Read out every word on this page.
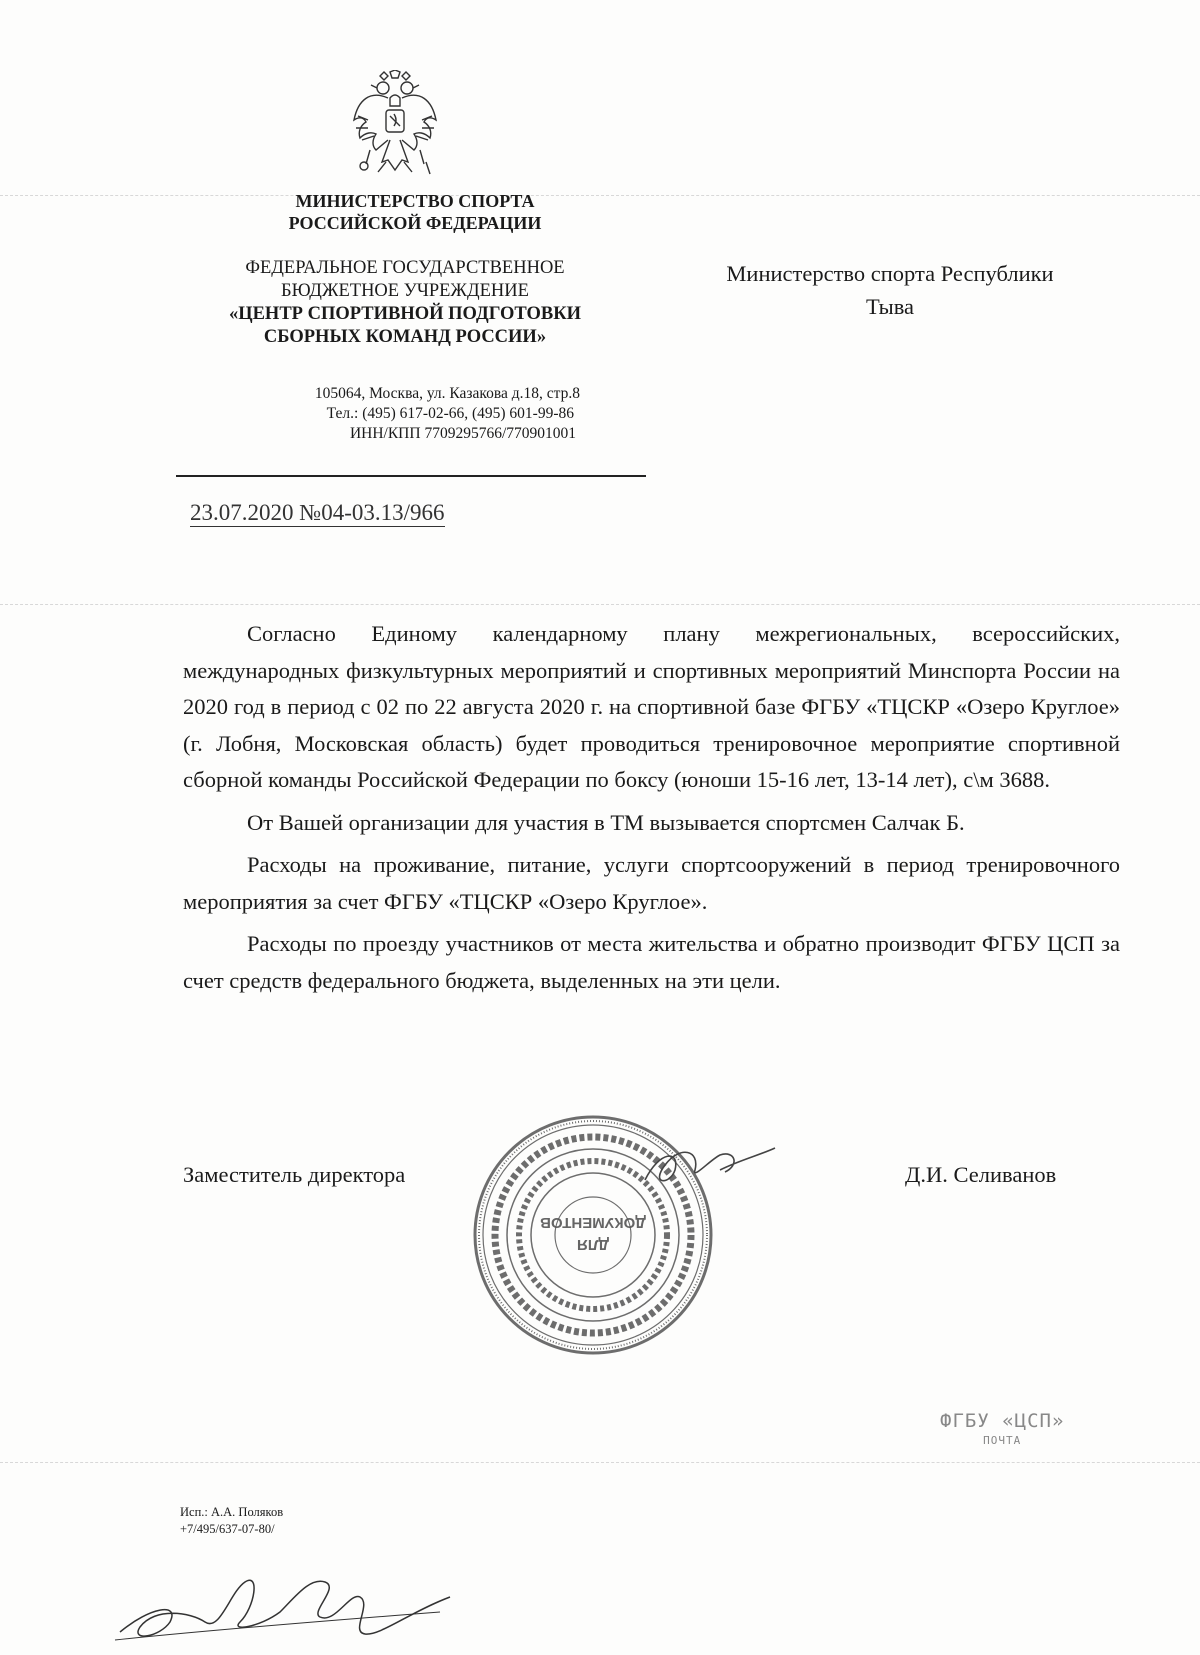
МИНИСТЕРСТВО СПОРТА
РОССИЙСКОЙ ФЕДЕРАЦИИ
ФЕДЕРАЛЬНОЕ ГОСУДАРСТВЕННОЕ
БЮДЖЕТНОЕ УЧРЕЖДЕНИЕ
«ЦЕНТР СПОРТИВНОЙ ПОДГОТОВКИ
СБОРНЫХ КОМАНД РОССИИ»
105064, Москва, ул. Казакова д.18, стр.8
Тел.: (495) 617-02-66, (495) 601-99-86
ИНН/КПП 7709295766/770901001
23.07.2020 №04-03.13/966
Министерство спорта Республики
Тыва

Согласно Единому календарному плану межрегиональных, всероссийских, международных физкультурных мероприятий и спортивных мероприятий Минспорта России на 2020 год в период с 02 по 22 августа 2020 г. на спортивной базе ФГБУ «ТЦСКР «Озеро Круглое» (г. Лобня, Московская область) будет проводиться тренировочное мероприятие спортивной сборной команды Российской Федерации по боксу (юноши 15-16 лет, 13-14 лет), с\м 3688.

От Вашей организации для участия в ТМ вызывается спортсмен Салчак Б.

Расходы на проживание, питание, услуги спортсооружений в период тренировочного мероприятия за счет ФГБУ «ТЦСКР «Озеро Круглое».

Расходы по проезду участников от места жительства и обратно производит ФГБУ ЦСП за счет средств федерального бюджета, выделенных на эти цели.

Заместитель директора	Д.И. Селиванов
ДЛЯ
ДОКУМЕНТОВ
ФГБУ «ЦСП»
ПОЧТА
Исп.: А.А. Поляков
+7/495/637-07-80/
